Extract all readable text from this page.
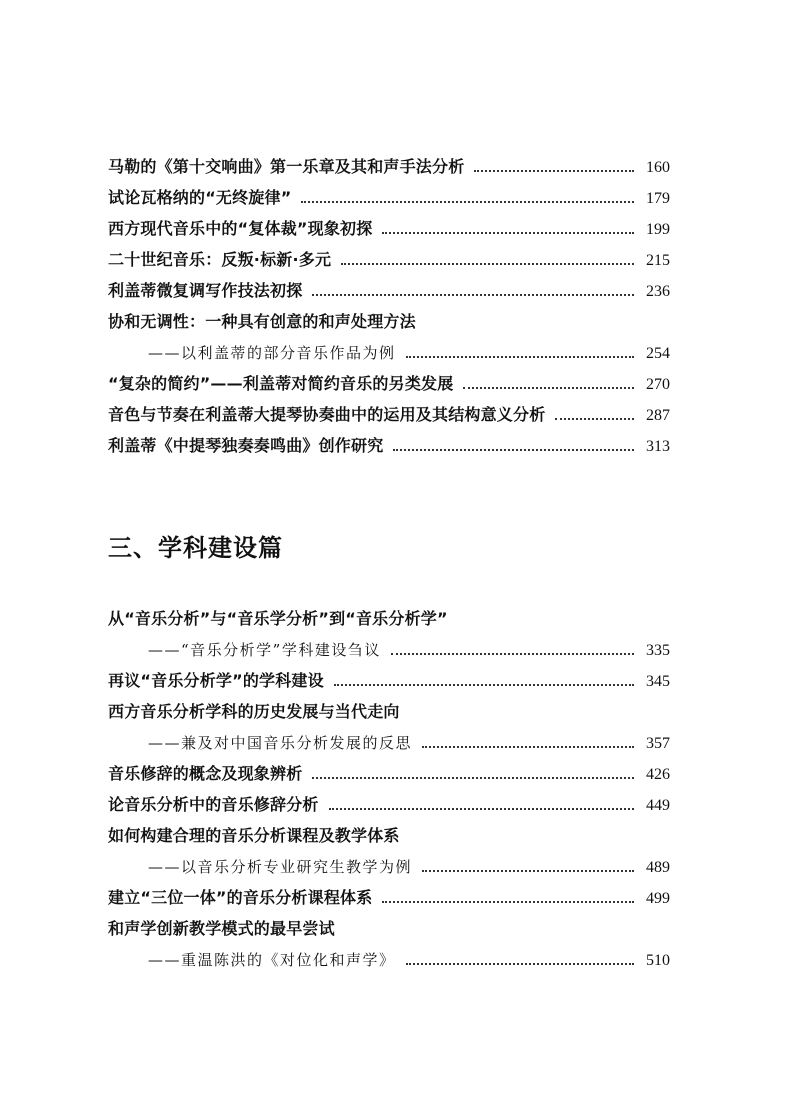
马勒的《第十交响曲》第一乐章及其和声手法分析	160
试论瓦格纳的“无终旋律”	179
西方现代音乐中的“复体裁”现象初探	199
二十世纪音乐：反叛·标新·多元	215
利盖蒂微复调写作技法初探	236
协和无调性：一种具有创意的和声处理方法
——以利盖蒂的部分音乐作品为例	254
“复杂的简约”——利盖蒂对简约音乐的另类发展	270
音色与节奏在利盖蒂大提琴协奏曲中的运用及其结构意义分析	287
利盖蒂《中提琴独奏奏鸣曲》创作研究	313
三、学科建设篇
从“音乐分析”与“音乐学分析”到“音乐分析学”
——“音乐分析学”学科建设刍议	335
再议“音乐分析学”的学科建设	345
西方音乐分析学科的历史发展与当代走向
——兼及对中国音乐分析发展的反思	357
音乐修辞的概念及现象辨析	426
论音乐分析中的音乐修辞分析	449
如何构建合理的音乐分析课程及教学体系
——以音乐分析专业研究生教学为例	489
建立“三位一体”的音乐分析课程体系	499
和声学创新教学模式的最早尝试
——重温陈洪的《对位化和声学》	510
